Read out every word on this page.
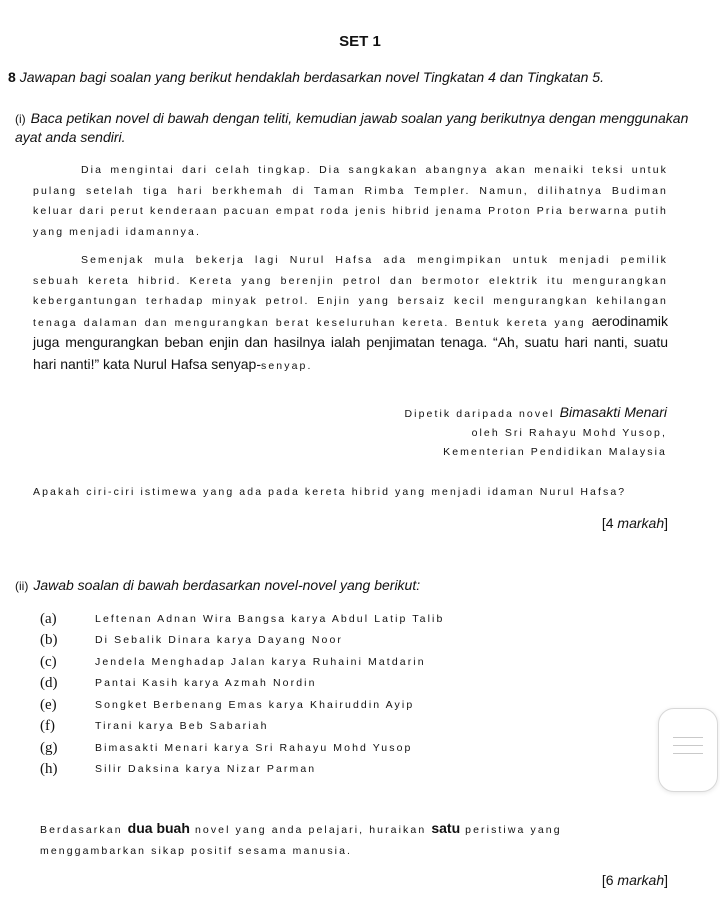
SET 1
8 Jawapan bagi soalan yang berikut hendaklah berdasarkan novel Tingkatan 4 dan Tingkatan 5.
(i) Baca petikan novel di bawah dengan teliti, kemudian jawab soalan yang berikutnya dengan menggunakan ayat anda sendiri.
Dia mengintai dari celah tingkap. Dia sangkakan abangnya akan menaiki teksi untuk pulang setelah tiga hari berkhemah di Taman Rimba Templer. Namun, dilihatnya Budiman keluar dari perut kenderaan pacuan empat roda jenis hibrid jenama Proton Pria berwarna putih yang menjadi idamannya.
Semenjak mula bekerja lagi Nurul Hafsa ada mengimpikan untuk menjadi pemilik sebuah kereta hibrid. Kereta yang berenjin petrol dan bermotor elektrik itu mengurangkan kebergantungan terhadap minyak petrol. Enjin yang bersaiz kecil mengurangkan kehilangan tenaga dalaman dan mengurangkan berat keseluruhan kereta. Bentuk kereta yang aerodinamik juga mengurangkan beban enjin dan hasilnya ialah penjimatan tenaga. “Ah, suatu hari nanti, suatu hari nanti!” kata Nurul Hafsa senyap-senyap.
Dipetik daripada novel Bimasakti Menari
oleh Sri Rahayu Mohd Yusop,
Kementerian Pendidikan Malaysia
Apakah ciri-ciri istimewa yang ada pada kereta hibrid yang menjadi idaman Nurul Hafsa?
[4 markah]
(ii) Jawab soalan di bawah berdasarkan novel-novel yang berikut:
(a)	Leftenan Adnan Wira Bangsa karya Abdul Latip Talib
(b)	Di Sebalik Dinara karya Dayang Noor
(c)	Jendela Menghadap Jalan karya Ruhaini Matdarin
(d)	Pantai Kasih karya Azmah Nordin
(e)	Songket Berbenang Emas karya Khairuddin Ayip
(f)	Tirani karya Beb Sabariah
(g)	Bimasakti Menari karya Sri Rahayu Mohd Yusop
(h)	Silir Daksina karya Nizar Parman
Berdasarkan dua buah novel yang anda pelajari, huraikan satu peristiwa yang menggambarkan sikap positif sesama manusia.
[6 markah]
